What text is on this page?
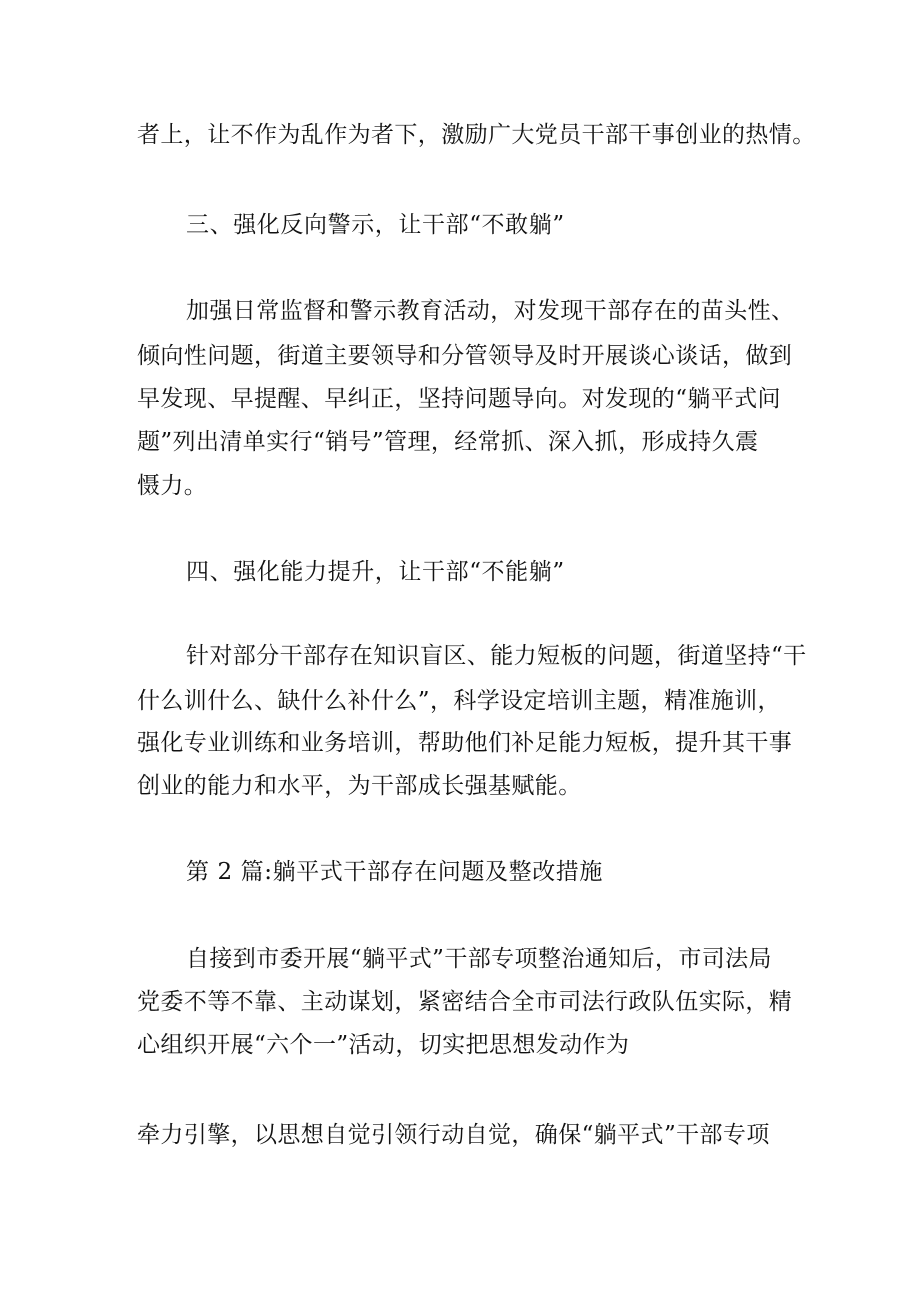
者上，让不作为乱作为者下，激励广大党员干部干事创业的热情。
三、强化反向警示，让干部“不敢躺”
加强日常监督和警示教育活动，对发现干部存在的苗头性、
倾向性问题，街道主要领导和分管领导及时开展谈心谈话，做到
早发现、早提醒、早纠正，坚持问题导向。对发现的“躺平式问
题”列出清单实行“销号”管理，经常抓、深入抓，形成持久震
慑力。
四、强化能力提升，让干部“不能躺”
针对部分干部存在知识盲区、能力短板的问题，街道坚持“干
什么训什么、缺什么补什么”，科学设定培训主题，精准施训，
强化专业训练和业务培训，帮助他们补足能力短板，提升其干事
创业的能力和水平，为干部成长强基赋能。
第 2 篇:躺平式干部存在问题及整改措施
自接到市委开展“躺平式”干部专项整治通知后，市司法局
党委不等不靠、主动谋划，紧密结合全市司法行政队伍实际，精
心组织开展“六个一”活动，切实把思想发动作为
牵力引擎，以思想自觉引领行动自觉，确保“躺平式”干部专项
